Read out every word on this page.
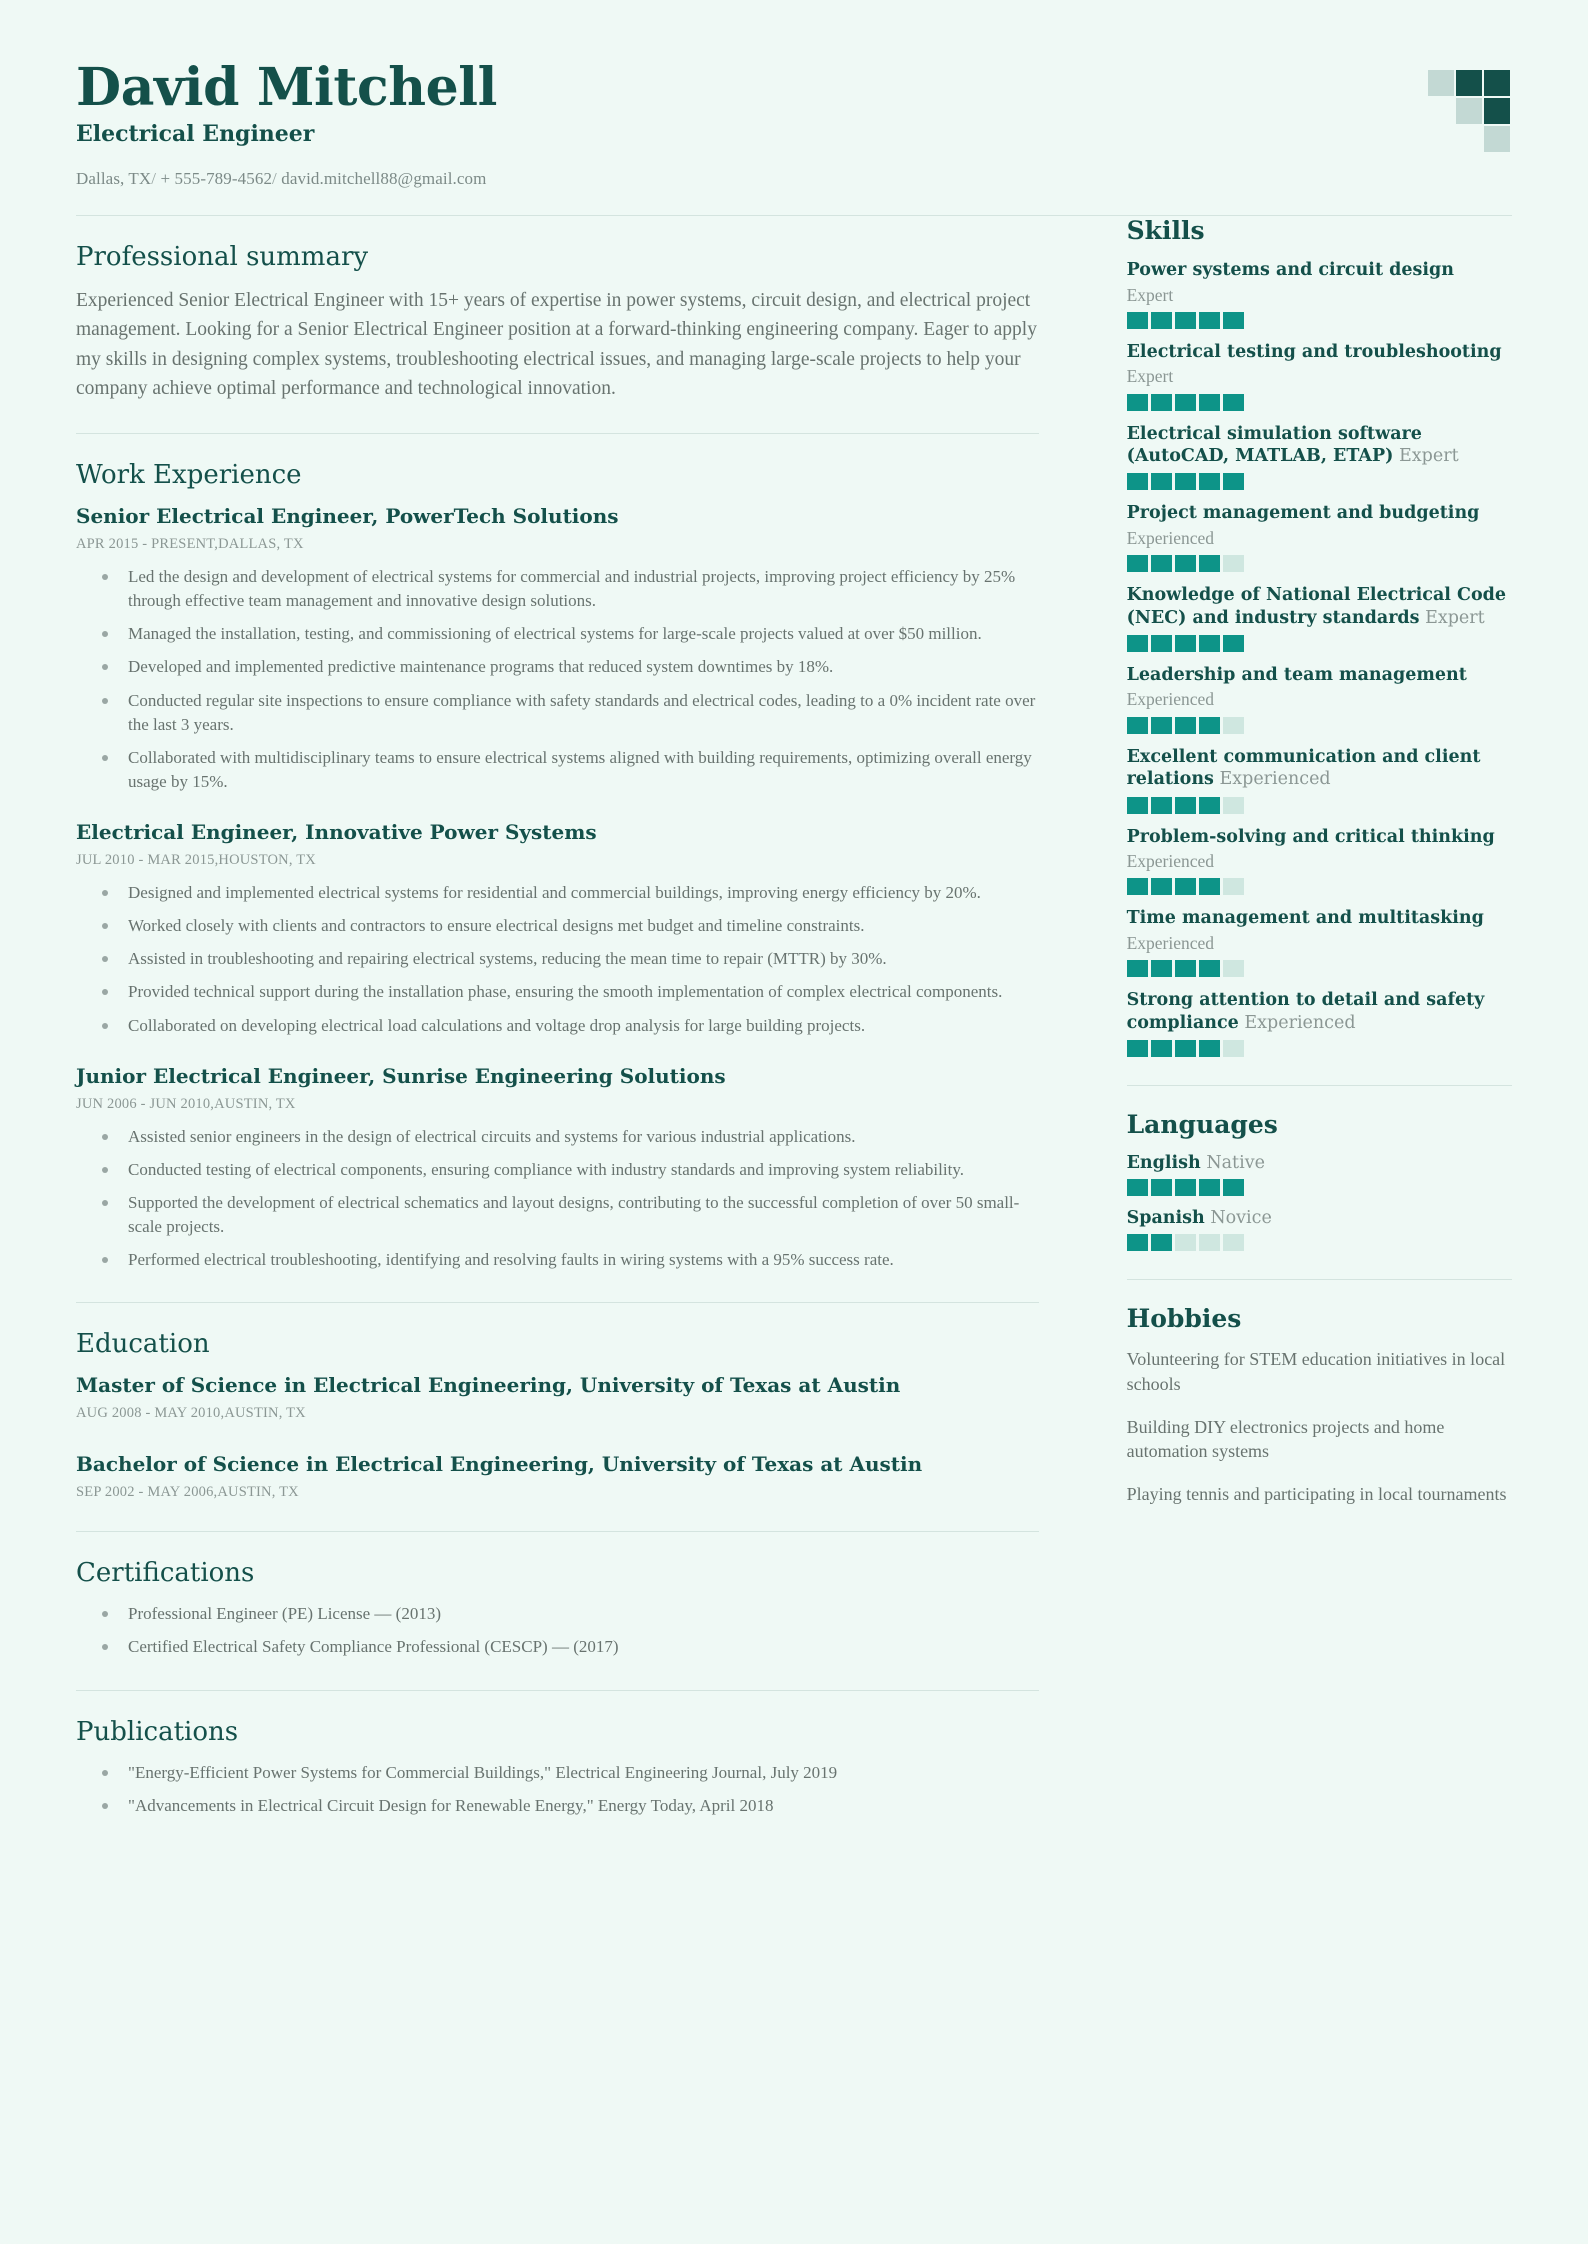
David Mitchell
Electrical Engineer
Dallas, TX/ + 555-789-4562/ david.mitchell88@gmail.com
Professional summary

Experienced Senior Electrical Engineer with 15+ years of expertise in power systems, circuit design, and electrical project management. Looking for a Senior Electrical Engineer position at a forward-thinking engineering company. Eager to apply my skills in designing complex systems, troubleshooting electrical issues, and managing large-scale projects to help your company achieve optimal performance and technological innovation.

Work Experience
Senior Electrical Engineer, PowerTech Solutions
APR 2015 - PRESENT,DALLAS, TX
Led the design and development of electrical systems for commercial and industrial projects, improving project efficiency by 25% through effective team management and innovative design solutions.
Managed the installation, testing, and commissioning of electrical systems for large-scale projects valued at over $50 million.
Developed and implemented predictive maintenance programs that reduced system downtimes by 18%.
Conducted regular site inspections to ensure compliance with safety standards and electrical codes, leading to a 0% incident rate over the last 3 years.
Collaborated with multidisciplinary teams to ensure electrical systems aligned with building requirements, optimizing overall energy usage by 15%.
Electrical Engineer, Innovative Power Systems
JUL 2010 - MAR 2015,HOUSTON, TX
Designed and implemented electrical systems for residential and commercial buildings, improving energy efficiency by 20%.
Worked closely with clients and contractors to ensure electrical designs met budget and timeline constraints.
Assisted in troubleshooting and repairing electrical systems, reducing the mean time to repair (MTTR) by 30%.
Provided technical support during the installation phase, ensuring the smooth implementation of complex electrical components.
Collaborated on developing electrical load calculations and voltage drop analysis for large building projects.
Junior Electrical Engineer, Sunrise Engineering Solutions
JUN 2006 - JUN 2010,AUSTIN, TX
Assisted senior engineers in the design of electrical circuits and systems for various industrial applications.
Conducted testing of electrical components, ensuring compliance with industry standards and improving system reliability.
Supported the development of electrical schematics and layout designs, contributing to the successful completion of over 50 small-scale projects.
Performed electrical troubleshooting, identifying and resolving faults in wiring systems with a 95% success rate.
Education
Master of Science in Electrical Engineering, University of Texas at Austin
AUG 2008 - MAY 2010,AUSTIN, TX
Bachelor of Science in Electrical Engineering, University of Texas at Austin
SEP 2002 - MAY 2006,AUSTIN, TX
Certifications
Professional Engineer (PE) License — (2013)
Certified Electrical Safety Compliance Professional (CESCP) — (2017)
Publications
"Energy-Efficient Power Systems for Commercial Buildings," Electrical Engineering Journal, July 2019
"Advancements in Electrical Circuit Design for Renewable Energy," Energy Today, April 2018
Skills
Power systems and circuit design
Expert
Electrical testing and troubleshooting
Expert
Electrical simulation software (AutoCAD, MATLAB, ETAP) Expert
Project management and budgeting
Experienced
Knowledge of National Electrical Code (NEC) and industry standards Expert
Leadership and team management
Experienced
Excellent communication and client relations Experienced
Problem-solving and critical thinking
Experienced
Time management and multitasking
Experienced
Strong attention to detail and safety compliance Experienced
Languages
English Native
Spanish Novice
Hobbies
Volunteering for STEM education initiatives in local schools
Building DIY electronics projects and home automation systems
Playing tennis and participating in local tournaments
